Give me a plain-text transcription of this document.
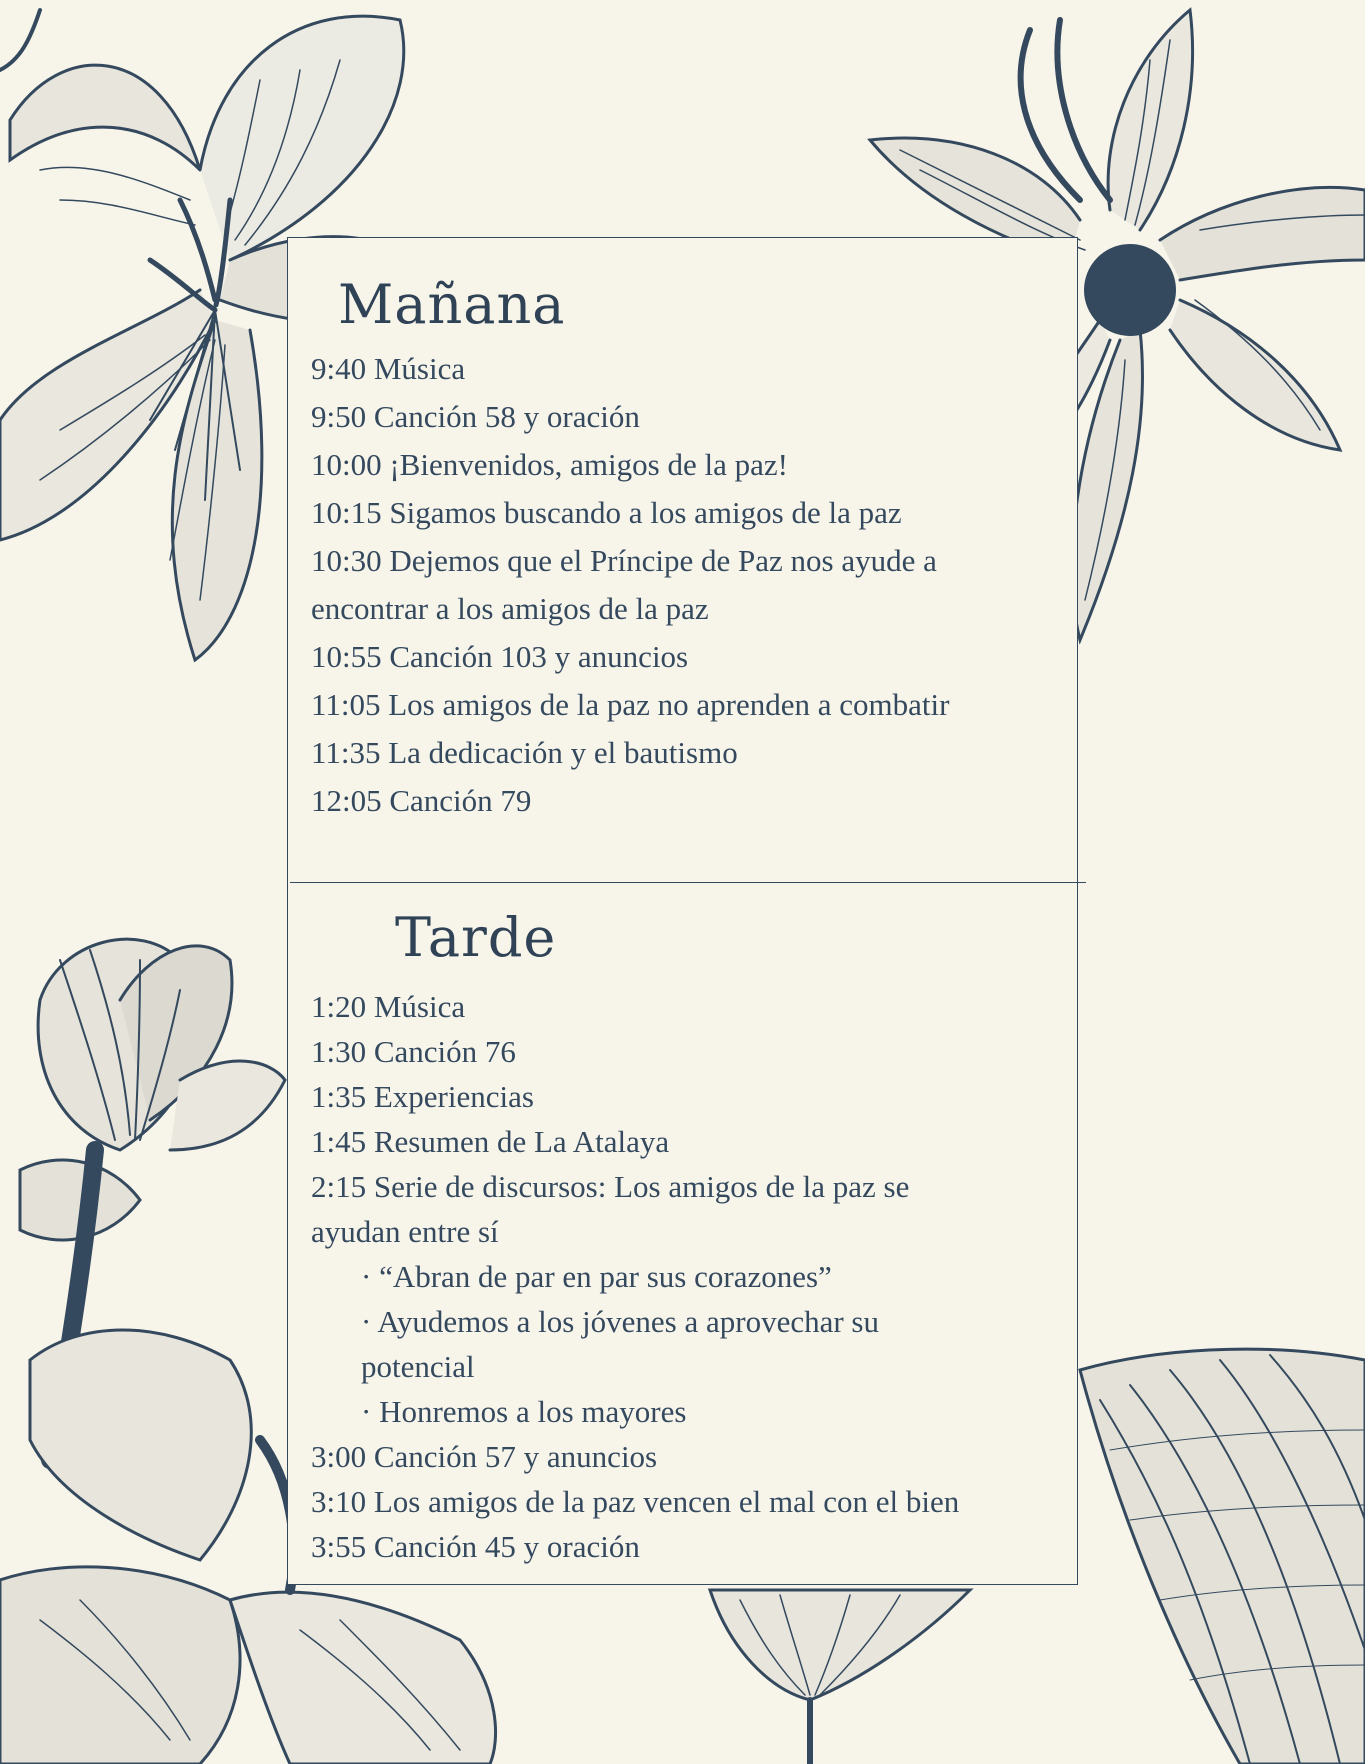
Mañana
9:40 Música
9:50 Canción 58 y oración
10:00 ¡Bienvenidos, amigos de la paz!
10:15 Sigamos buscando a los amigos de la paz
10:30 Dejemos que el Príncipe de Paz nos ayude a
encontrar a los amigos de la paz
10:55 Canción 103 y anuncios
11:05 Los amigos de la paz no aprenden a combatir
11:35 La dedicación y el bautismo
12:05 Canción 79
Tarde
1:20 Música
1:30 Canción 76
1:35 Experiencias
1:45 Resumen de La Atalaya
2:15 Serie de discursos: Los amigos de la paz se
ayudan entre sí
· “Abran de par en par sus corazones”
· Ayudemos a los jóvenes a aprovechar su
potencial
· Honremos a los mayores
3:00 Canción 57 y anuncios
3:10 Los amigos de la paz vencen el mal con el bien
3:55 Canción 45 y oración
